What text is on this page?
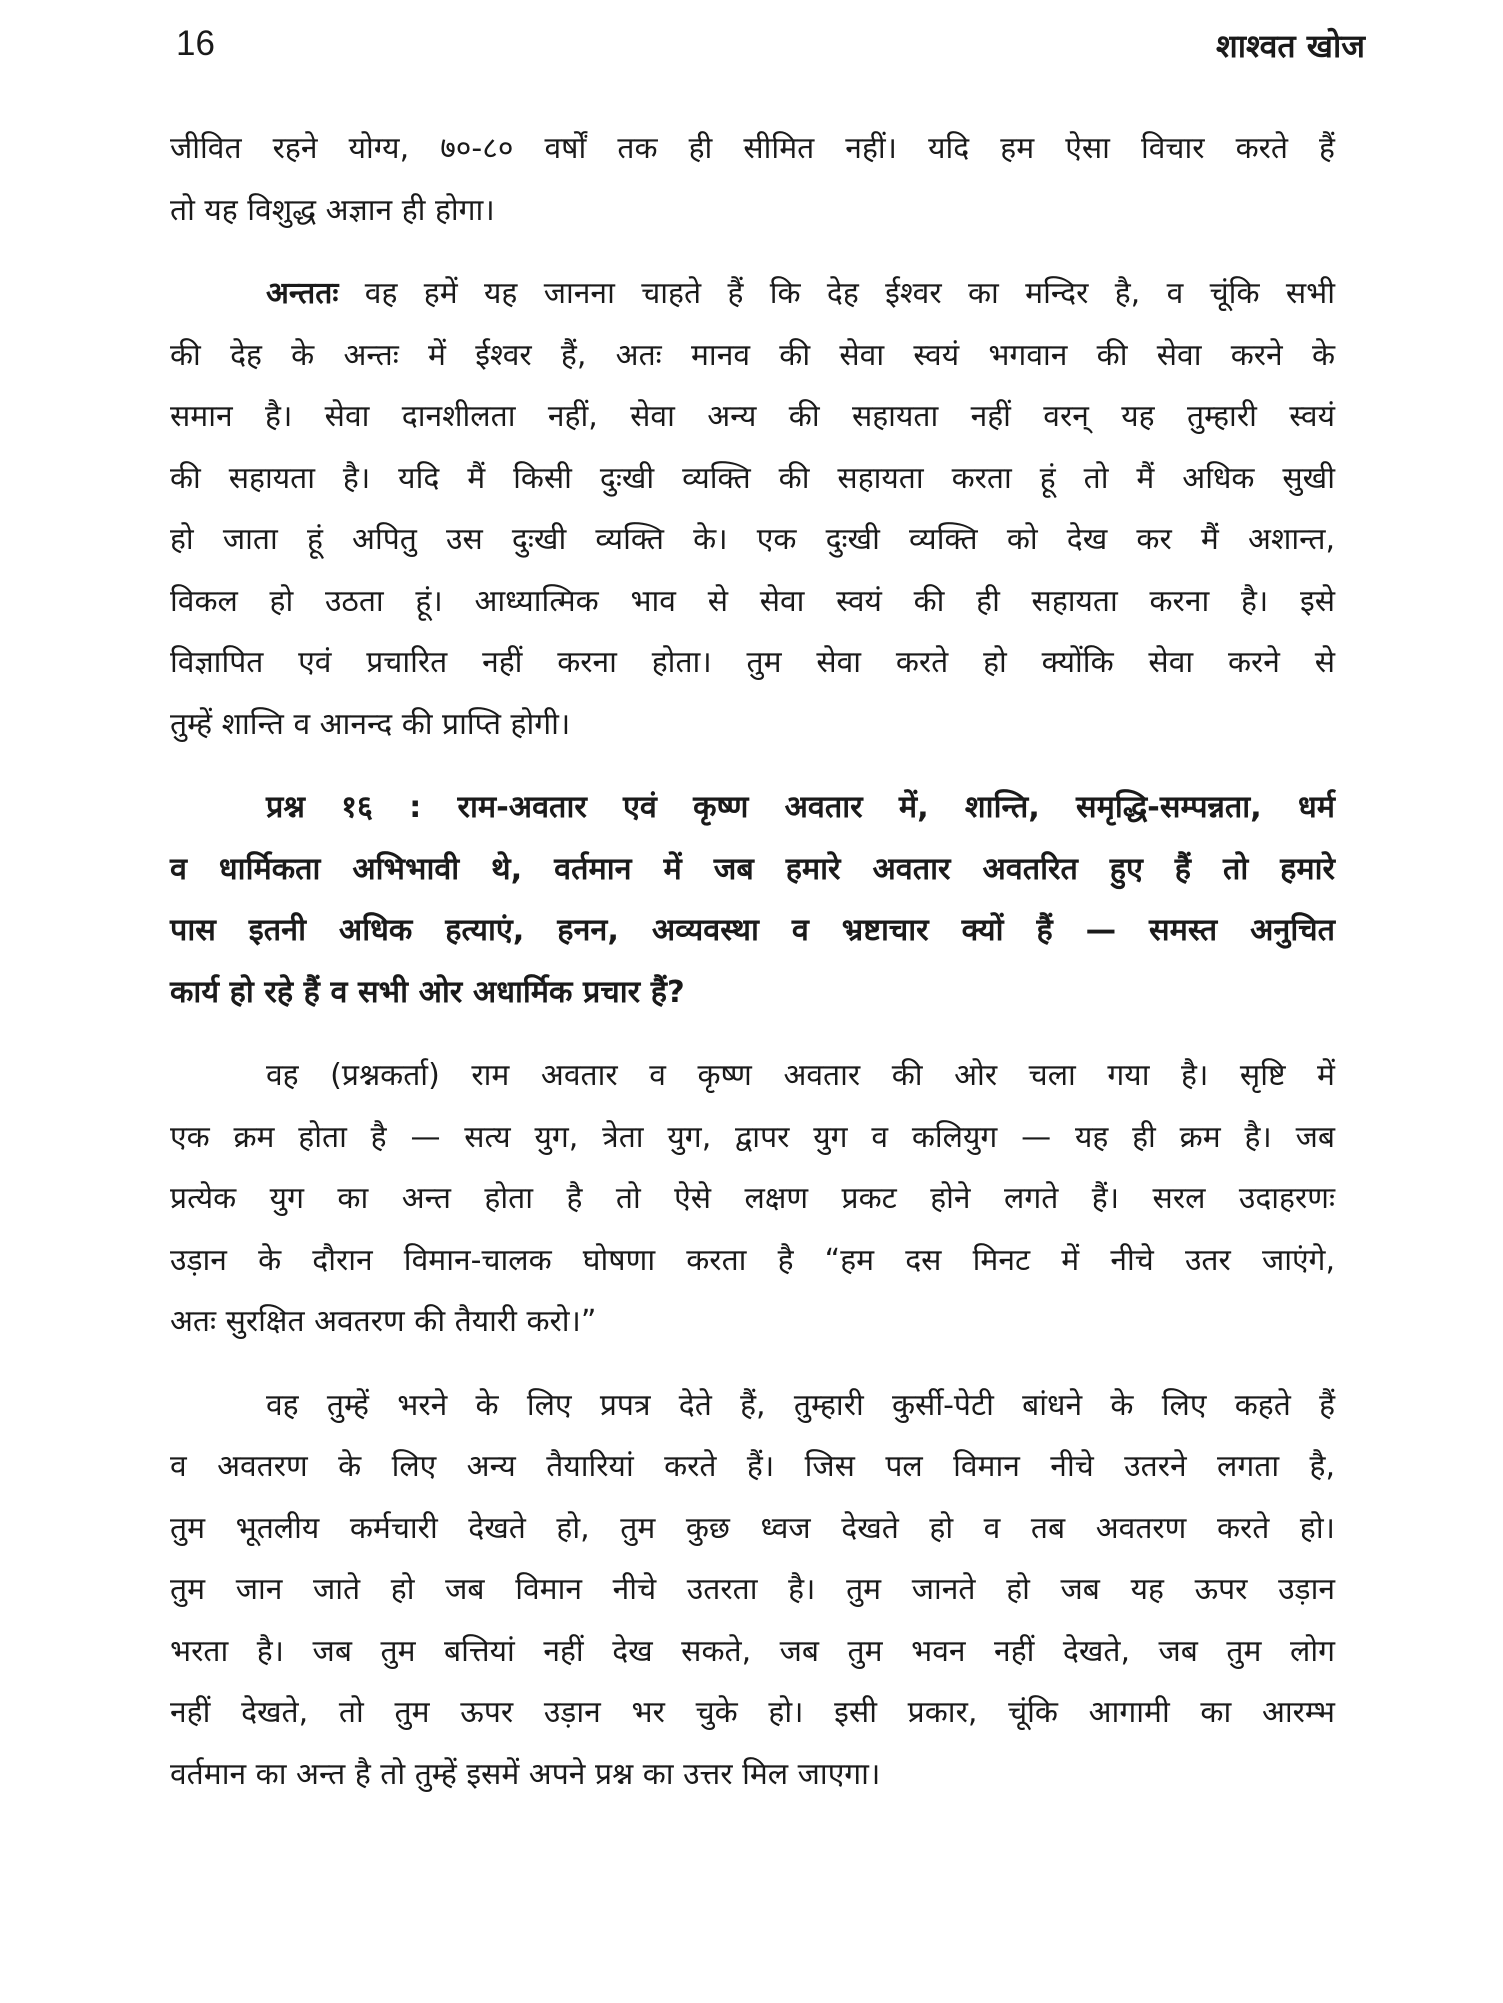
16	शाश्वत खोज

जीवित रहने योग्य, ७०-८० वर्षों तक ही सीमित नहीं। यदि हम ऐसा विचार करते हैं
तो यह विशुद्ध अज्ञान ही होगा।

अन्ततः वह हमें यह जानना चाहते हैं कि देह ईश्वर का मन्दिर है, व चूंकि सभी
की देह के अन्तः में ईश्वर हैं, अतः मानव की सेवा स्वयं भगवान की सेवा करने के
समान है। सेवा दानशीलता नहीं, सेवा अन्य की सहायता नहीं वरन् यह तुम्हारी स्वयं
की सहायता है। यदि मैं किसी दुःखी व्यक्ति की सहायता करता हूं तो मैं अधिक सुखी
हो जाता हूं अपितु उस दुःखी व्यक्ति के। एक दुःखी व्यक्ति को देख कर मैं अशान्त,
विकल हो उठता हूं। आध्यात्मिक भाव से सेवा स्वयं की ही सहायता करना है। इसे
विज्ञापित एवं प्रचारित नहीं करना होता। तुम सेवा करते हो क्योंकि सेवा करने से
तुम्हें शान्ति व आनन्द की प्राप्ति होगी।

प्रश्न १६ : राम-अवतार एवं कृष्ण अवतार में, शान्ति, समृद्धि-सम्पन्नता, धर्म
व धार्मिकता अभिभावी थे, वर्तमान में जब हमारे अवतार अवतरित हुए हैं तो हमारे
पास इतनी अधिक हत्याएं, हनन, अव्यवस्था व भ्रष्टाचार क्यों हैं — समस्त अनुचित
कार्य हो रहे हैं व सभी ओर अधार्मिक प्रचार हैं?

वह (प्रश्नकर्ता) राम अवतार व कृष्ण अवतार की ओर चला गया है। सृष्टि में
एक क्रम होता है — सत्य युग, त्रेता युग, द्वापर युग व कलियुग — यह ही क्रम है। जब
प्रत्येक युग का अन्त होता है तो ऐसे लक्षण प्रकट होने लगते हैं। सरल उदाहरणः
उड़ान के दौरान विमान-चालक घोषणा करता है “हम दस मिनट में नीचे उतर जाएंगे,
अतः सुरक्षित अवतरण की तैयारी करो।”

वह तुम्हें भरने के लिए प्रपत्र देते हैं, तुम्हारी कुर्सी-पेटी बांधने के लिए कहते हैं
व अवतरण के लिए अन्य तैयारियां करते हैं। जिस पल विमान नीचे उतरने लगता है,
तुम भूतलीय कर्मचारी देखते हो, तुम कुछ ध्वज देखते हो व तब अवतरण करते हो।
तुम जान जाते हो जब विमान नीचे उतरता है। तुम जानते हो जब यह ऊपर उड़ान
भरता है। जब तुम बत्तियां नहीं देख सकते, जब तुम भवन नहीं देखते, जब तुम लोग
नहीं देखते, तो तुम ऊपर उड़ान भर चुके हो। इसी प्रकार, चूंकि आगामी का आरम्भ
वर्तमान का अन्त है तो तुम्हें इसमें अपने प्रश्न का उत्तर मिल जाएगा।
